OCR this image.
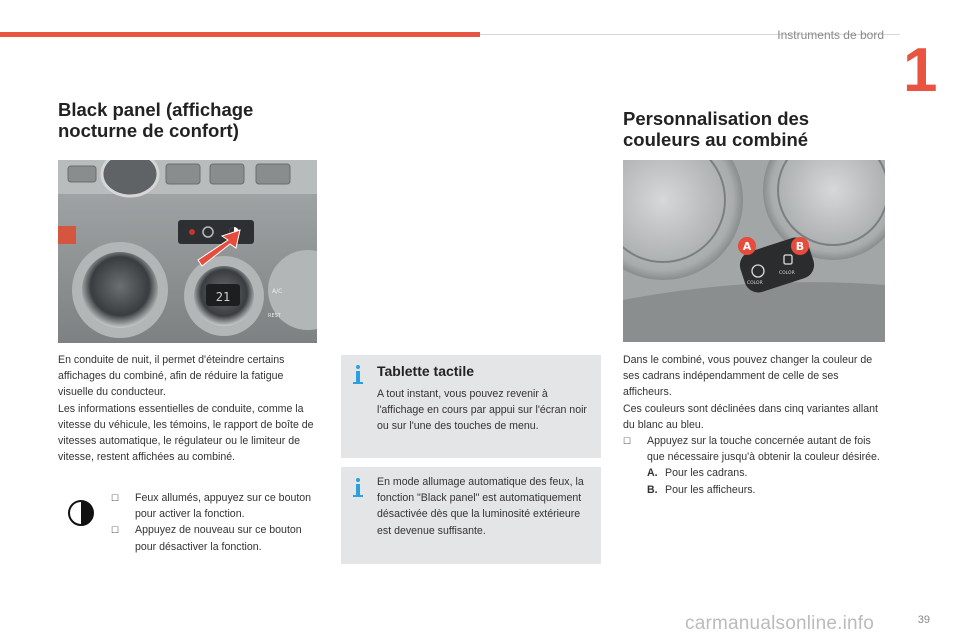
Instruments de bord
1
Black panel (affichage
nocturne de confort)
21	A/C
REST

En conduite de nuit, il permet d'éteindre certains affichages du combiné, afin de réduire la fatigue visuelle du conducteur.

Les informations essentielles de conduite, comme la vitesse du véhicule, les témoins, le rapport de boîte de vitesses automatique, le régulateur ou le limiteur de vitesse, restent affichées au combiné.

☐	Feux allumés, appuyez sur ce bouton pour activer la fonction.
☐	Appuyez de nouveau sur ce bouton pour désactiver la fonction.
Tablette tactile
A tout instant, vous pouvez revenir à l'affichage en cours par appui sur l'écran noir ou sur l'une des touches de menu.
En mode allumage automatique des feux, la fonction "Black panel" est automatiquement désactivée dès que la luminosité extérieure est devenue suffisante.
Personnalisation des
couleurs au combiné
COLOR
COLOR
A	B

Dans le combiné, vous pouvez changer la couleur de ses cadrans indépendamment de celle de ses afficheurs.

Ces couleurs sont déclinées dans cinq variantes allant du blanc au bleu.

☐	Appuyez sur la touche concernée autant de fois que nécessaire jusqu'à obtenir la couleur désirée.
A. Pour les cadrans.
B. Pour les afficheurs.
carmanualsonline.info	39
